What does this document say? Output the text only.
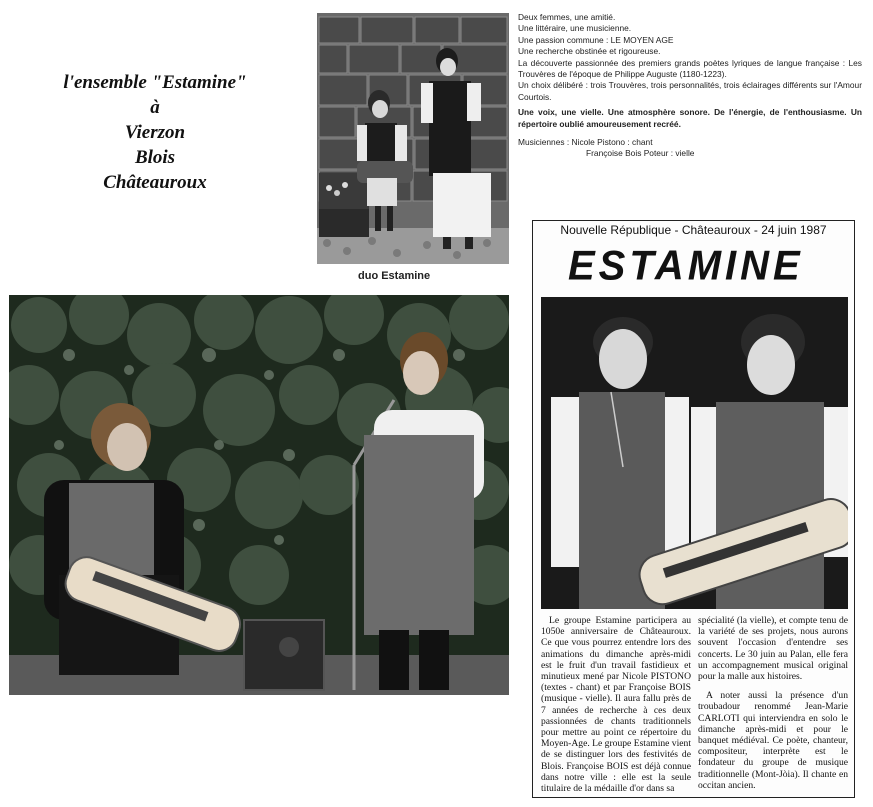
l'ensemble "Estamine"
à
Vierzon
Blois
Châteauroux
duo Estamine

Deux femmes, une amitié.

Une littéraire, une musicienne.

Une passion commune : LE MOYEN AGE

Une recherche obstinée et rigoureuse.

La découverte passionnée des premiers grands poètes lyriques de langue française : Les Trouvères de l'époque de Philippe Auguste (1180-1223).

Un choix délibéré : trois Trouvères, trois personnalités, trois éclairages différents sur l'Amour Courtois.

Une voix, une vielle. Une atmosphère sonore. De l'énergie, de l'enthousiasme. Un répertoire oublié amoureusement recréé.

Musiciennes : Nicole Pistono : chant

Françoise Bois Poteur : vielle

Nouvelle République - Châteauroux - 24 juin 1987
ESTAMINE

Le groupe Estamine participera au 1050e anniversaire de Châteauroux. Ce que vous pourrez entendre lors des animations du dimanche après-midi est le fruit d'un travail fastidieux et minutieux mené par Nicole PISTONO (textes - chant) et par Françoise BOIS (musique - vielle). Il aura fallu près de 7 années de recherche à ces deux passionnées de chants traditionnels pour mettre au point ce répertoire du Moyen-Age. Le groupe Estamine vient de se distinguer lors des festivités de Blois. Françoise BOIS est déjà connue dans notre ville : elle est la seule titulaire de la médaille d'or dans sa

spécialité (la vielle), et compte tenu de la variété de ses projets, nous aurons souvent l'occasion d'entendre ses concerts. Le 30 juin au Palan, elle fera un accompagnement musical original pour la malle aux histoires.

A noter aussi la présence d'un troubadour renommé Jean-Marie CARLOTI qui interviendra en solo le dimanche après-midi et pour le banquet médiéval. Ce poète, chanteur, compositeur, interprète est le fondateur du groupe de musique traditionnelle (Mont-Jòia). Il chante en occitan ancien.
